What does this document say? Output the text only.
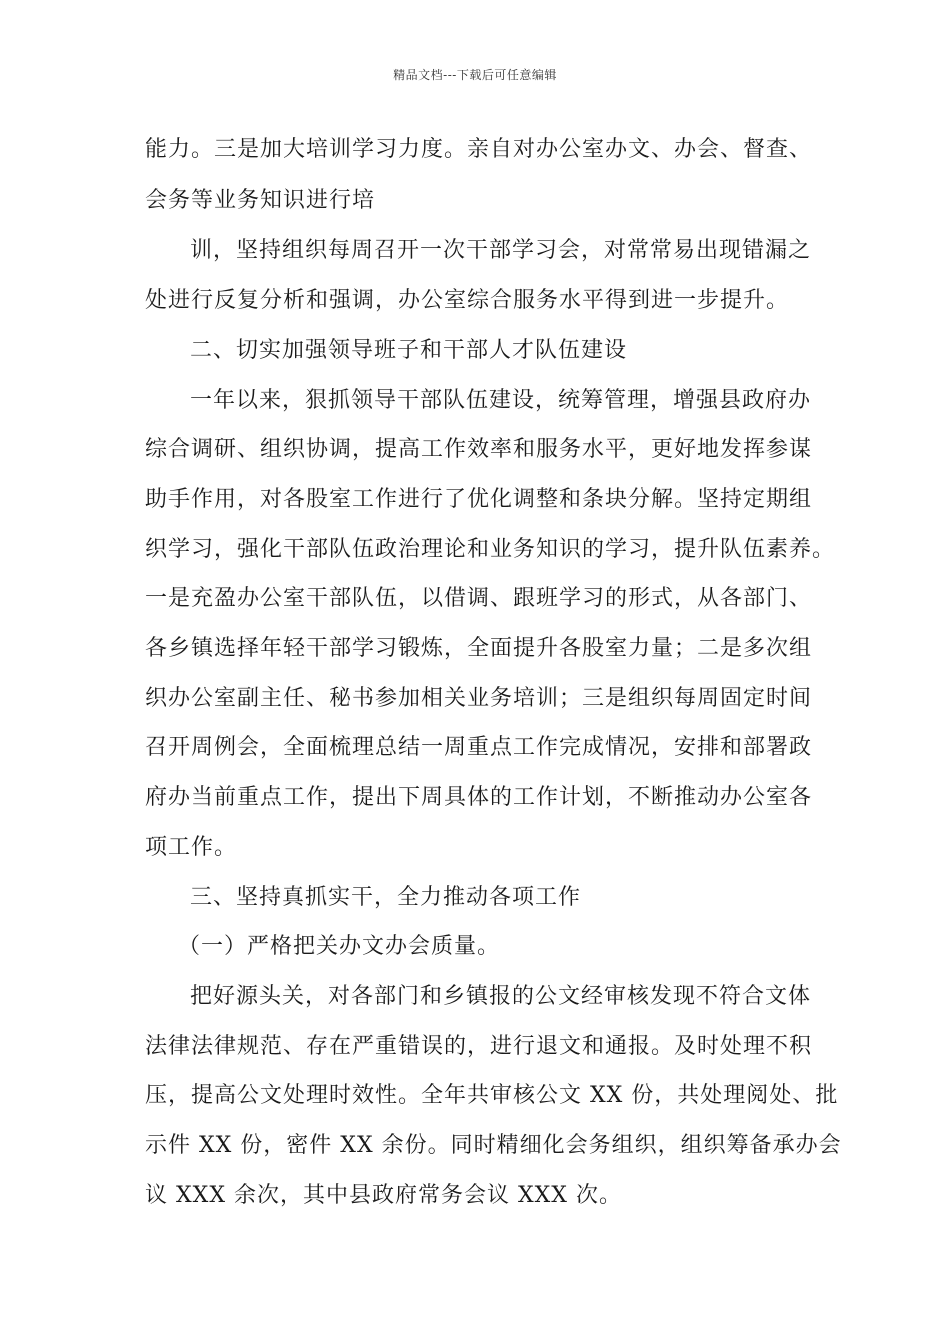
精品文档---下载后可任意编辑
能力。三是加大培训学习力度。亲自对办公室办文、办会、督查、
会务等业务知识进行培
训，坚持组织每周召开一次干部学习会，对常常易出现错漏之
处进行反复分析和强调，办公室综合服务水平得到进一步提升。
二、切实加强领导班子和干部人才队伍建设
一年以来，狠抓领导干部队伍建设，统筹管理，增强县政府办
综合调研、组织协调，提高工作效率和服务水平，更好地发挥参谋
助手作用，对各股室工作进行了优化调整和条块分解。坚持定期组
织学习，强化干部队伍政治理论和业务知识的学习，提升队伍素养。
一是充盈办公室干部队伍，以借调、跟班学习的形式，从各部门、
各乡镇选择年轻干部学习锻炼，全面提升各股室力量；二是多次组
织办公室副主任、秘书参加相关业务培训；三是组织每周固定时间
召开周例会，全面梳理总结一周重点工作完成情况，安排和部署政
府办当前重点工作，提出下周具体的工作计划，不断推动办公室各
项工作。
三、坚持真抓实干，全力推动各项工作
（一）严格把关办文办会质量。
把好源头关，对各部门和乡镇报的公文经审核发现不符合文体
法律法律规范、存在严重错误的，进行退文和通报。及时处理不积
压，提高公文处理时效性。全年共审核公文 XX 份，共处理阅处、批
示件 XX 份，密件 XX 余份。同时精细化会务组织，组织筹备承办会
议 XXX 余次，其中县政府常务会议 XXX 次。
